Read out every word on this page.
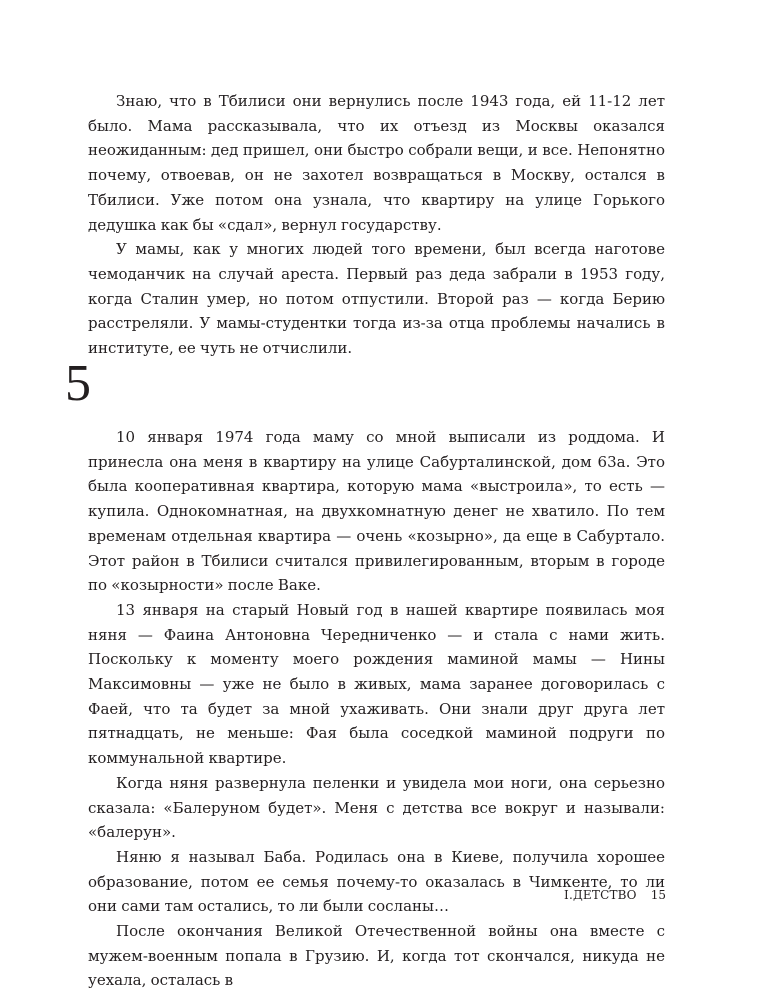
Знаю, что в Тбилиси они вернулись после 1943 года, ей 11-12 лет было. Мама рассказывала, что их отъезд из Москвы оказался неожиданным: дед пришел, они быстро собрали вещи, и все. Непонятно почему, отвоевав, он не захотел возвращаться в Москву, остался в Тбилиси. Уже потом она узнала, что квартиру на улице Горького дедушка как бы «сдал», вернул государству.

У мамы, как у многих людей того времени, был всегда наготове чемоданчик на случай ареста. Первый раз деда забрали в 1953 году, когда Сталин умер, но потом отпустили. Второй раз — когда Берию расстреляли. У мамы-студентки тогда из-за отца проблемы начались в институте, ее чуть не отчислили.

5

10 января 1974 года маму со мной выписали из роддома. И принесла она меня в квартиру на улице Сабурталинской, дом 63а. Это была кооперативная квартира, которую мама «выстроила», то есть — купила. Однокомнатная, на двухкомнатную денег не хватило. По тем временам отдельная квартира — очень «козырно», да еще в Сабуртало. Этот район в Тбилиси считался привилегированным, вторым в городе по «козырности» после Ваке.

13 января на старый Новый год в нашей квартире появилась моя няня — Фаина Антоновна Чередниченко — и стала с нами жить. Поскольку к моменту моего рождения маминой мамы — Нины Максимовны — уже не было в живых, мама заранее договорилась с Фаей, что та будет за мной ухаживать. Они знали друг друга лет пятнадцать, не меньше: Фая была соседкой маминой подруги по коммунальной квартире.

Когда няня развернула пеленки и увидела мои ноги, она серьезно сказала: «Балеруном будет». Меня с детства все вокруг и называли: «балерун».

Няню я называл Баба. Родилась она в Киеве, получила хорошее образование, потом ее семья почему-то оказалась в Чимкенте, то ли они сами там остались, то ли были сосланы…

После окончания Великой Отечественной войны она вместе с мужем-военным попала в Грузию. И, когда тот скончался, никуда не уехала, осталась в

I.ДЕТСТВО 15
